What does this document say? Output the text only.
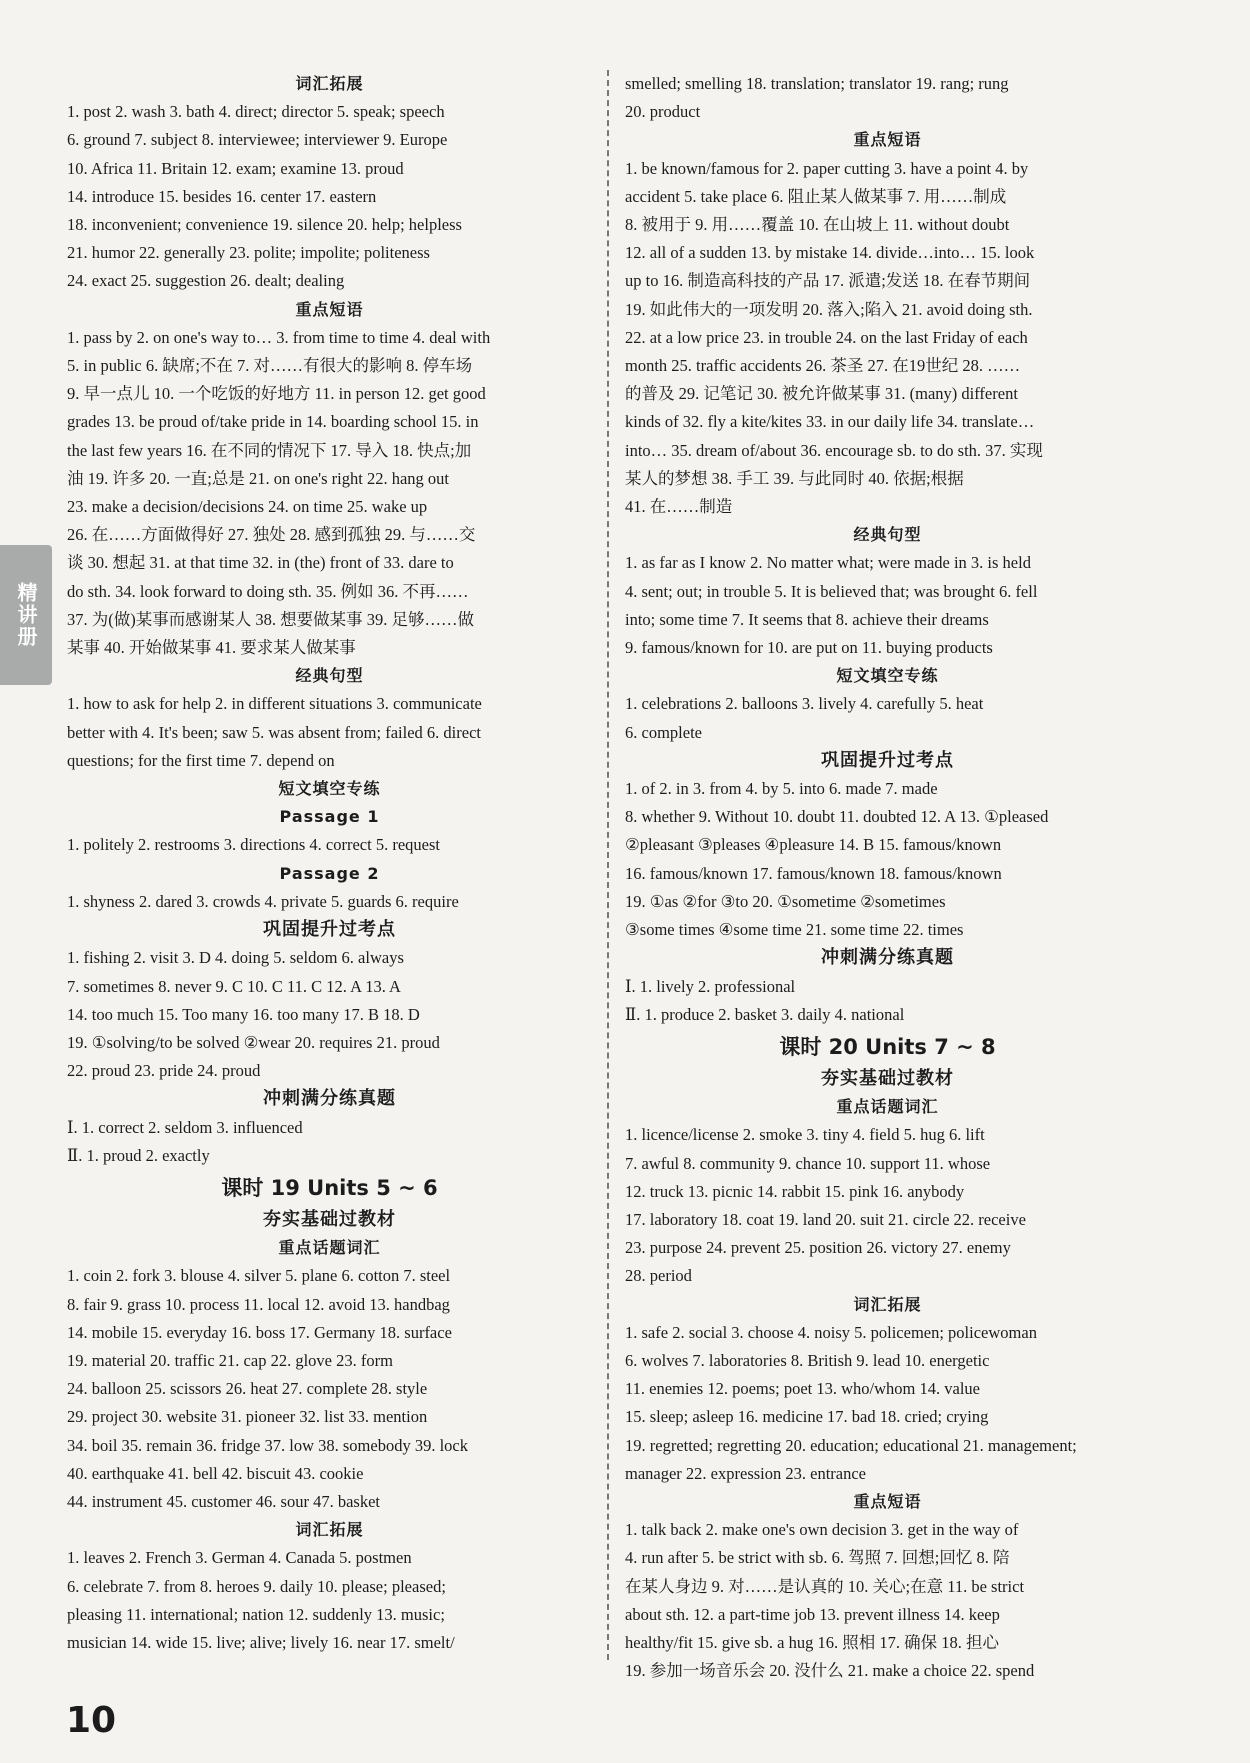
精讲册
词汇拓展
1. post 2. wash 3. bath 4. direct; director 5. speak; speech
6. ground 7. subject 8. interviewee; interviewer 9. Europe
10. Africa 11. Britain 12. exam; examine 13. proud
14. introduce 15. besides 16. center 17. eastern
18. inconvenient; convenience 19. silence 20. help; helpless
21. humor 22. generally 23. polite; impolite; politeness
24. exact 25. suggestion 26. dealt; dealing
重点短语
1. pass by 2. on one's way to… 3. from time to time 4. deal with
5. in public 6. 缺席;不在 7. 对……有很大的影响 8. 停车场
9. 早一点儿 10. 一个吃饭的好地方 11. in person 12. get good
grades 13. be proud of/take pride in 14. boarding school 15. in
the last few years 16. 在不同的情况下 17. 导入 18. 快点;加
油 19. 许多 20. 一直;总是 21. on one's right 22. hang out
23. make a decision/decisions 24. on time 25. wake up
26. 在……方面做得好 27. 独处 28. 感到孤独 29. 与……交
谈 30. 想起 31. at that time 32. in (the) front of 33. dare to
do sth. 34. look forward to doing sth. 35. 例如 36. 不再……
37. 为(做)某事而感谢某人 38. 想要做某事 39. 足够……做
某事 40. 开始做某事 41. 要求某人做某事
经典句型
1. how to ask for help 2. in different situations 3. communicate
better with 4. It's been; saw 5. was absent from; failed 6. direct
questions; for the first time 7. depend on
短文填空专练
Passage 1
1. politely 2. restrooms 3. directions 4. correct 5. request
Passage 2
1. shyness 2. dared 3. crowds 4. private 5. guards 6. require
巩固提升过考点
1. fishing 2. visit 3. D 4. doing 5. seldom 6. always
7. sometimes 8. never 9. C 10. C 11. C 12. A 13. A
14. too much 15. Too many 16. too many 17. B 18. D
19. ①solving/to be solved ②wear 20. requires 21. proud
22. proud 23. pride 24. proud
冲刺满分练真题
Ⅰ. 1. correct 2. seldom 3. influenced
Ⅱ. 1. proud 2. exactly
课时 19 Units 5 ~ 6
夯实基础过教材
重点话题词汇
1. coin 2. fork 3. blouse 4. silver 5. plane 6. cotton 7. steel
8. fair 9. grass 10. process 11. local 12. avoid 13. handbag
14. mobile 15. everyday 16. boss 17. Germany 18. surface
19. material 20. traffic 21. cap 22. glove 23. form
24. balloon 25. scissors 26. heat 27. complete 28. style
29. project 30. website 31. pioneer 32. list 33. mention
34. boil 35. remain 36. fridge 37. low 38. somebody 39. lock
40. earthquake 41. bell 42. biscuit 43. cookie
44. instrument 45. customer 46. sour 47. basket
词汇拓展
1. leaves 2. French 3. German 4. Canada 5. postmen
6. celebrate 7. from 8. heroes 9. daily 10. please; pleased;
pleasing 11. international; nation 12. suddenly 13. music;
musician 14. wide 15. live; alive; lively 16. near 17. smelt/
smelled; smelling 18. translation; translator 19. rang; rung
20. product
重点短语
1. be known/famous for 2. paper cutting 3. have a point 4. by
accident 5. take place 6. 阻止某人做某事 7. 用……制成
8. 被用于 9. 用……覆盖 10. 在山坡上 11. without doubt
12. all of a sudden 13. by mistake 14. divide…into… 15. look
up to 16. 制造高科技的产品 17. 派遣;发送 18. 在春节期间
19. 如此伟大的一项发明 20. 落入;陷入 21. avoid doing sth.
22. at a low price 23. in trouble 24. on the last Friday of each
month 25. traffic accidents 26. 茶圣 27. 在19世纪 28. ……
的普及 29. 记笔记 30. 被允许做某事 31. (many) different
kinds of 32. fly a kite/kites 33. in our daily life 34. translate…
into… 35. dream of/about 36. encourage sb. to do sth. 37. 实现
某人的梦想 38. 手工 39. 与此同时 40. 依据;根据
41. 在……制造
经典句型
1. as far as I know 2. No matter what; were made in 3. is held
4. sent; out; in trouble 5. It is believed that; was brought 6. fell
into; some time 7. It seems that 8. achieve their dreams
9. famous/known for 10. are put on 11. buying products
短文填空专练
1. celebrations 2. balloons 3. lively 4. carefully 5. heat
6. complete
巩固提升过考点
1. of 2. in 3. from 4. by 5. into 6. made 7. made
8. whether 9. Without 10. doubt 11. doubted 12. A 13. ①pleased
②pleasant ③pleases ④pleasure 14. B 15. famous/known
16. famous/known 17. famous/known 18. famous/known
19. ①as ②for ③to 20. ①sometime ②sometimes
③some times ④some time 21. some time 22. times
冲刺满分练真题
Ⅰ. 1. lively 2. professional
Ⅱ. 1. produce 2. basket 3. daily 4. national
课时 20 Units 7 ~ 8
夯实基础过教材
重点话题词汇
1. licence/license 2. smoke 3. tiny 4. field 5. hug 6. lift
7. awful 8. community 9. chance 10. support 11. whose
12. truck 13. picnic 14. rabbit 15. pink 16. anybody
17. laboratory 18. coat 19. land 20. suit 21. circle 22. receive
23. purpose 24. prevent 25. position 26. victory 27. enemy
28. period
词汇拓展
1. safe 2. social 3. choose 4. noisy 5. policemen; policewoman
6. wolves 7. laboratories 8. British 9. lead 10. energetic
11. enemies 12. poems; poet 13. who/whom 14. value
15. sleep; asleep 16. medicine 17. bad 18. cried; crying
19. regretted; regretting 20. education; educational 21. management;
manager 22. expression 23. entrance
重点短语
1. talk back 2. make one's own decision 3. get in the way of
4. run after 5. be strict with sb. 6. 驾照 7. 回想;回忆 8. 陪
在某人身边 9. 对……是认真的 10. 关心;在意 11. be strict
about sth. 12. a part-time job 13. prevent illness 14. keep
healthy/fit 15. give sb. a hug 16. 照相 17. 确保 18. 担心
19. 参加一场音乐会 20. 没什么 21. make a choice 22. spend
10
